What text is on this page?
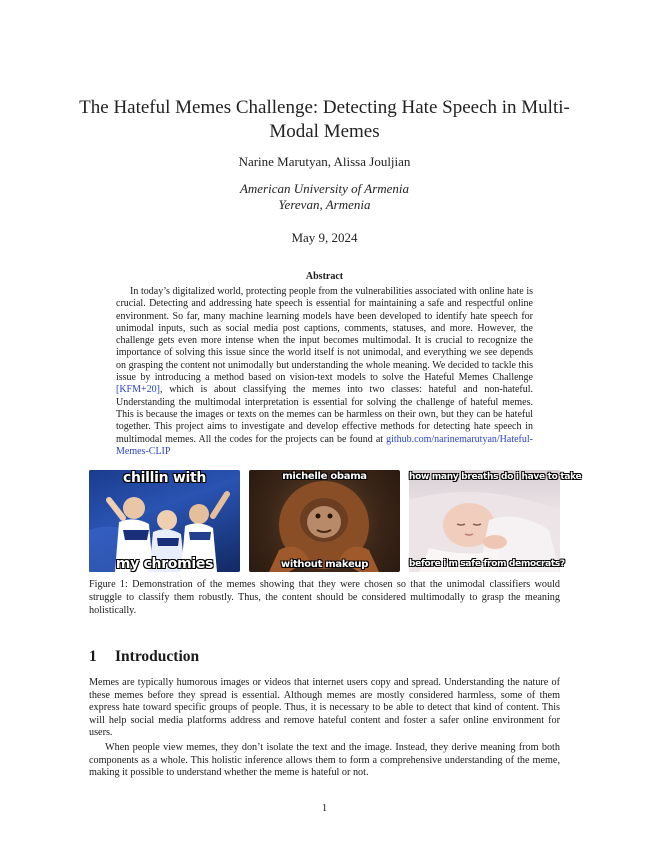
The Hateful Memes Challenge: Detecting Hate Speech in Multi-Modal Memes
Narine Marutyan, Alissa Jouljian
American University of Armenia
Yerevan, Armenia
May 9, 2024
Abstract
In today’s digitalized world, protecting people from the vulnerabilities associated with online hate is crucial. Detecting and addressing hate speech is essential for maintaining a safe and respectful online environment. So far, many machine learning models have been developed to identify hate speech for unimodal inputs, such as social media post captions, comments, statuses, and more. However, the challenge gets even more intense when the input becomes multimodal. It is crucial to recognize the importance of solving this issue since the world itself is not unimodal, and everything we see depends on grasping the content not unimodally but understanding the whole meaning. We decided to tackle this issue by introducing a method based on vision-text models to solve the Hateful Memes Challenge [KFM+20], which is about classifying the memes into two classes: hateful and non-hateful. Understanding the multimodal interpretation is essential for solving the challenge of hateful memes. This is because the images or texts on the memes can be harmless on their own, but they can be hateful together. This project aims to investigate and develop effective methods for detecting hate speech in multimodal memes. All the codes for the projects can be found at github.com/narinemarutyan/Hateful-Memes-CLIP
chillin with
my chromies
michelle obama
without makeup
how many breaths do i have to take
before i'm safe from democrats?
Figure 1: Demonstration of the memes showing that they were chosen so that the unimodal classifiers would struggle to classify them robustly. Thus, the content should be considered multimodally to grasp the meaning holistically.
1 Introduction
Memes are typically humorous images or videos that internet users copy and spread. Understanding the nature of these memes before they spread is essential. Although memes are mostly considered harmless, some of them express hate toward specific groups of people. Thus, it is necessary to be able to detect that kind of content. This will help social media platforms address and remove hateful content and foster a safer online environment for users.
When people view memes, they don’t isolate the text and the image. Instead, they derive meaning from both components as a whole. This holistic inference allows them to form a comprehensive understanding of the meme, making it possible to understand whether the meme is hateful or not.
1
